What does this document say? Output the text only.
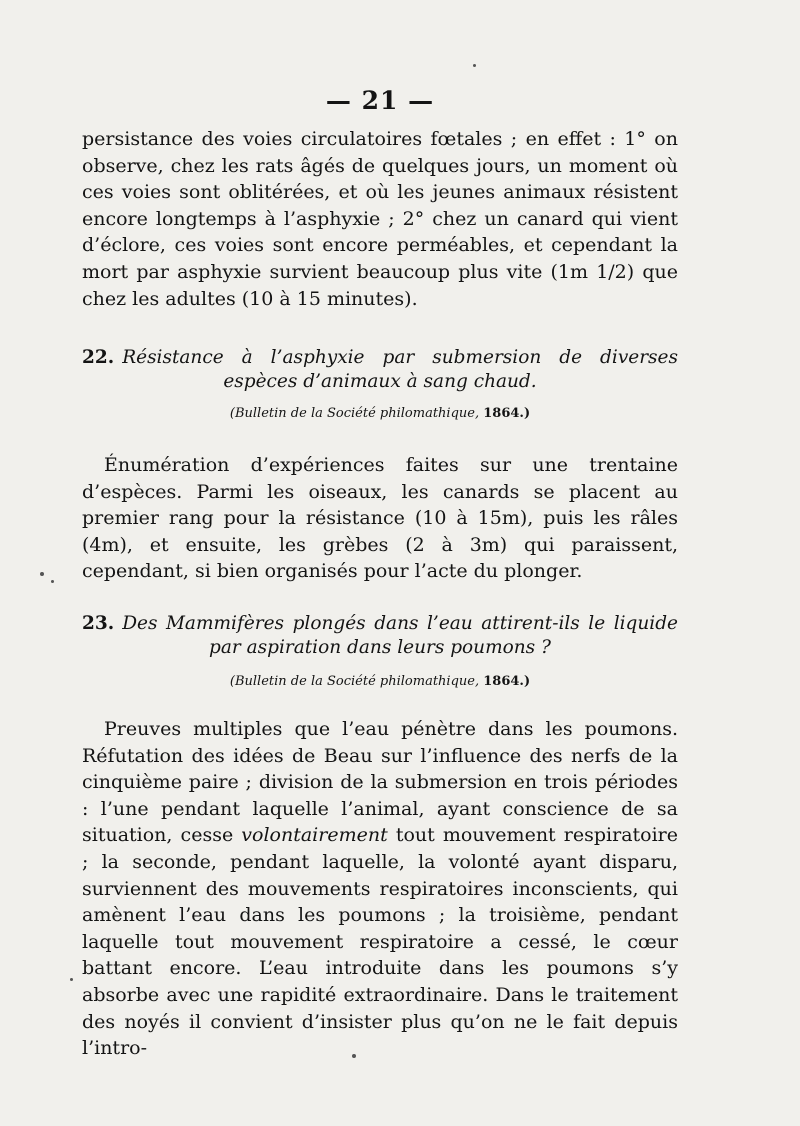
— 21 —

persistance des voies circulatoires fœtales ; en effet : 1° on observe, chez les rats âgés de quelques jours, un moment où ces voies sont oblitérées, et où les jeunes animaux résistent encore longtemps à l’asphyxie ; 2° chez un canard qui vient d’éclore, ces voies sont encore perméables, et cependant la mort par asphyxie survient beaucoup plus vite (1m 1/2) que chez les adultes (10 à 15 minutes).

22. Résistance à l’asphyxie par submersion de diverses espèces d’animaux à sang chaud.

(Bulletin de la Société philomathique, 1864.)

Énumération d’expériences faites sur une trentaine d’espèces. Parmi les oiseaux, les canards se placent au premier rang pour la résistance (10 à 15m), puis les râles (4m), et ensuite, les grèbes (2 à 3m) qui paraissent, cependant, si bien organisés pour l’acte du plonger.

23. Des Mammifères plongés dans l’eau attirent-ils le liquide par aspiration dans leurs poumons ?

(Bulletin de la Société philomathique, 1864.)

Preuves multiples que l’eau pénètre dans les poumons. Réfutation des idées de Beau sur l’influence des nerfs de la cinquième paire ; division de la submersion en trois périodes : l’une pendant laquelle l’animal, ayant conscience de sa situation, cesse volontairement tout mouvement respiratoire ; la seconde, pendant laquelle, la volonté ayant disparu, surviennent des mouvements respiratoires inconscients, qui amènent l’eau dans les poumons ; la troisième, pendant laquelle tout mouvement respiratoire a cessé, le cœur battant encore. L’eau introduite dans les poumons s’y absorbe avec une rapidité extraordinaire. Dans le traitement des noyés il convient d’insister plus qu’on ne le fait depuis l’intro-
